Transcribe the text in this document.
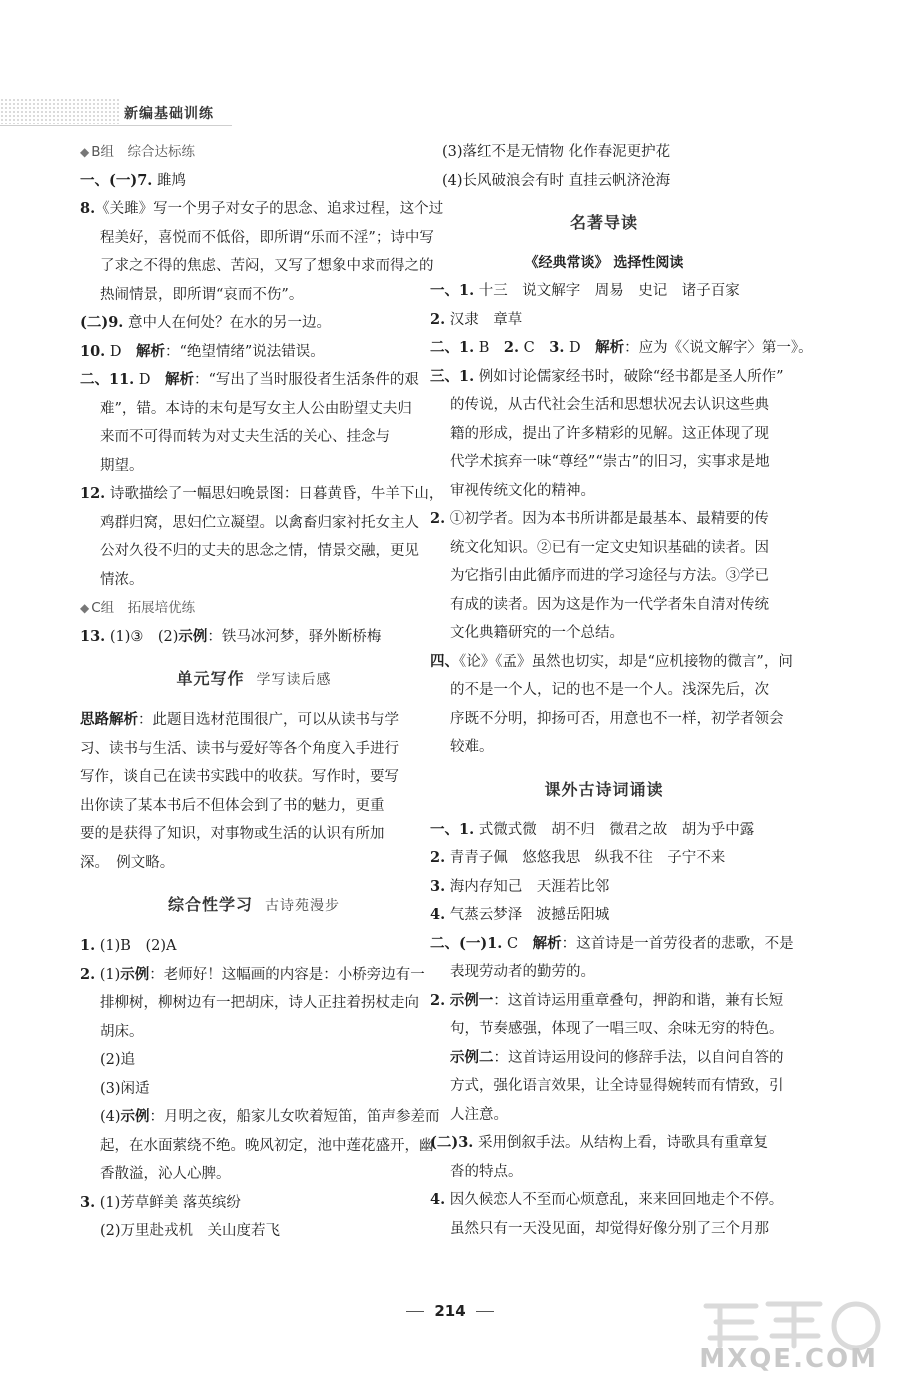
新编基础训练
◆ B组　综合达标练
一、(一)7. 雎鸠
8.《关雎》写一个男子对女子的思念、追求过程，这个过
程美好，喜悦而不低俗，即所谓“乐而不淫”；诗中写
了求之不得的焦虑、苦闷，又写了想象中求而得之的
热闹情景，即所谓“哀而不伤”。
(二)9. 意中人在何处？在水的另一边。
10. D　解析：“绝望情绪”说法错误。
二、11. D　解析：“写出了当时服役者生活条件的艰
难”，错。本诗的末句是写女主人公由盼望丈夫归
来而不可得而转为对丈夫生活的关心、挂念与
期望。
12. 诗歌描绘了一幅思妇晚景图：日暮黄昏，牛羊下山，
鸡群归窝，思妇伫立凝望。以禽畜归家衬托女主人
公对久役不归的丈夫的思念之情，情景交融，更见
情浓。
◆ C组　拓展培优练
13. (1)③　(2)示例：铁马冰河梦，驿外断桥梅
单元写作 学写读后感
思路解析：此题目选材范围很广，可以从读书与学
习、读书与生活、读书与爱好等各个角度入手进行
写作，谈自己在读书实践中的收获。写作时，要写
出你读了某本书后不但体会到了书的魅力，更重
要的是获得了知识，对事物或生活的认识有所加
深。　例文略。
综合性学习 古诗苑漫步
1. (1)B　(2)A
2. (1)示例：老师好！这幅画的内容是：小桥旁边有一
排柳树，柳树边有一把胡床，诗人正拄着拐杖走向
胡床。
(2)追
(3)闲适
(4)示例：月明之夜，船家儿女吹着短笛，笛声参差而
起，在水面萦绕不绝。晚风初定，池中莲花盛开，幽
香散溢，沁人心脾。
3. (1)芳草鲜美 落英缤纷
(2)万里赴戎机　关山度若飞
(3)落红不是无情物 化作春泥更护花
(4)长风破浪会有时 直挂云帆济沧海
名著导读
《经典常谈》 选择性阅读
一、1. 十三　说文解字　周易　史记　诸子百家
2. 汉隶　章草
二、1. B　2. C　3. D　解析：应为《〈说文解字〉第一》。
三、1. 例如讨论儒家经书时，破除“经书都是圣人所作”
的传说，从古代社会生活和思想状况去认识这些典
籍的形成，提出了许多精彩的见解。这正体现了现
代学术摈弃一味“尊经”“崇古”的旧习，实事求是地
审视传统文化的精神。
2. ①初学者。因为本书所讲都是最基本、最精要的传
统文化知识。②已有一定文史知识基础的读者。因
为它指引由此循序而进的学习途径与方法。③学已
有成的读者。因为这是作为一代学者朱自清对传统
文化典籍研究的一个总结。
四、《论》《孟》虽然也切实，却是“应机接物的微言”，问
的不是一个人，记的也不是一个人。浅深先后，次
序既不分明，抑扬可否，用意也不一样，初学者领会
较难。
课外古诗词诵读
一、1. 式微式微　胡不归　微君之故　胡为乎中露
2. 青青子佩　悠悠我思　纵我不往　子宁不来
3. 海内存知己　天涯若比邻
4. 气蒸云梦泽　波撼岳阳城
二、(一)1. C　解析：这首诗是一首劳役者的悲歌，不是
表现劳动者的勤劳的。
2. 示例一：这首诗运用重章叠句，押韵和谐，兼有长短
句，节奏感强，体现了一唱三叹、余味无穷的特色。
示例二：这首诗运用设问的修辞手法，以自问自答的
方式，强化语言效果，让全诗显得婉转而有情致，引
人注意。
(二)3. 采用倒叙手法。从结构上看，诗歌具有重章复
沓的特点。
4. 因久候恋人不至而心烦意乱，来来回回地走个不停。
虽然只有一天没见面，却觉得好像分别了三个月那
214
MXQE.COM
